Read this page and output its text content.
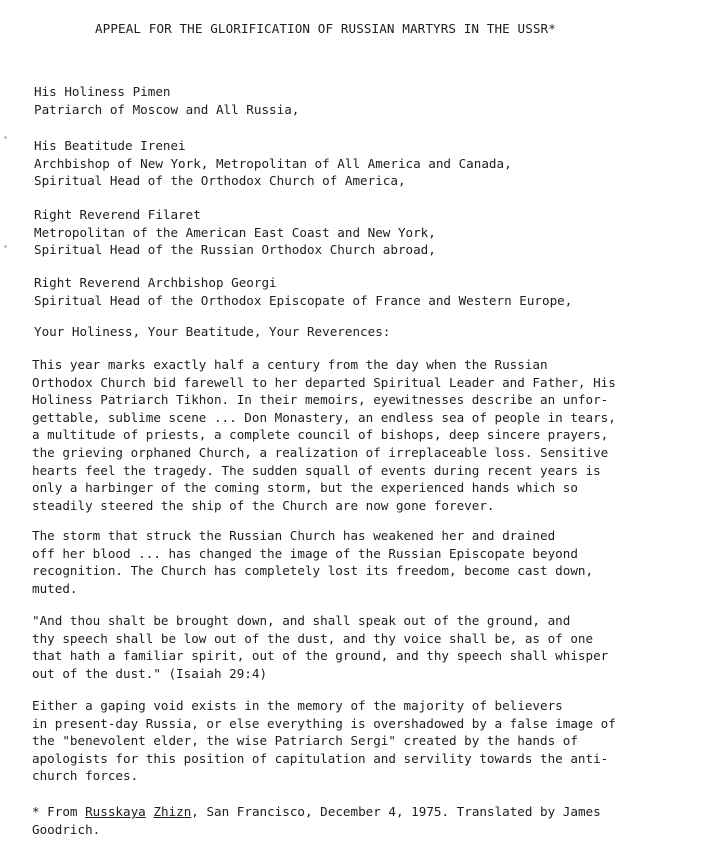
APPEAL FOR THE GLORIFICATION OF RUSSIAN MARTYRS IN THE USSR*
His Holiness Pimen
Patriarch of Moscow and All Russia,
His Beatitude Irenei
Archbishop of New York, Metropolitan of All America and Canada,
Spiritual Head of the Orthodox Church of America,
Right Reverend Filaret
Metropolitan of the American East Coast and New York,
Spiritual Head of the Russian Orthodox Church abroad,
Right Reverend Archbishop Georgi
Spiritual Head of the Orthodox Episcopate of France and Western Europe,
Your Holiness, Your Beatitude, Your Reverences:
This year marks exactly half a century from the day when the Russian
Orthodox Church bid farewell to her departed Spiritual Leader and Father, His
Holiness Patriarch Tikhon. In their memoirs, eyewitnesses describe an unfor-
gettable, sublime scene ... Don Monastery, an endless sea of people in tears,
a multitude of priests, a complete council of bishops, deep sincere prayers,
the grieving orphaned Church, a realization of irreplaceable loss. Sensitive
hearts feel the tragedy. The sudden squall of events during recent years is
only a harbinger of the coming storm, but the experienced hands which so
steadily steered the ship of the Church are now gone forever.
The storm that struck the Russian Church has weakened her and drained
off her blood ... has changed the image of the Russian Episcopate beyond
recognition. The Church has completely lost its freedom, become cast down,
muted.
"And thou shalt be brought down, and shall speak out of the ground, and
thy speech shall be low out of the dust, and thy voice shall be, as of one
that hath a familiar spirit, out of the ground, and thy speech shall whisper
out of the dust." (Isaiah 29:4)
Either a gaping void exists in the memory of the majority of believers
in present-day Russia, or else everything is overshadowed by a false image of
the "benevolent elder, the wise Patriarch Sergi" created by the hands of
apologists for this position of capitulation and servility towards the anti-
church forces.
* From Russkaya Zhizn, San Francisco, December 4, 1975. Translated by James
Goodrich.
